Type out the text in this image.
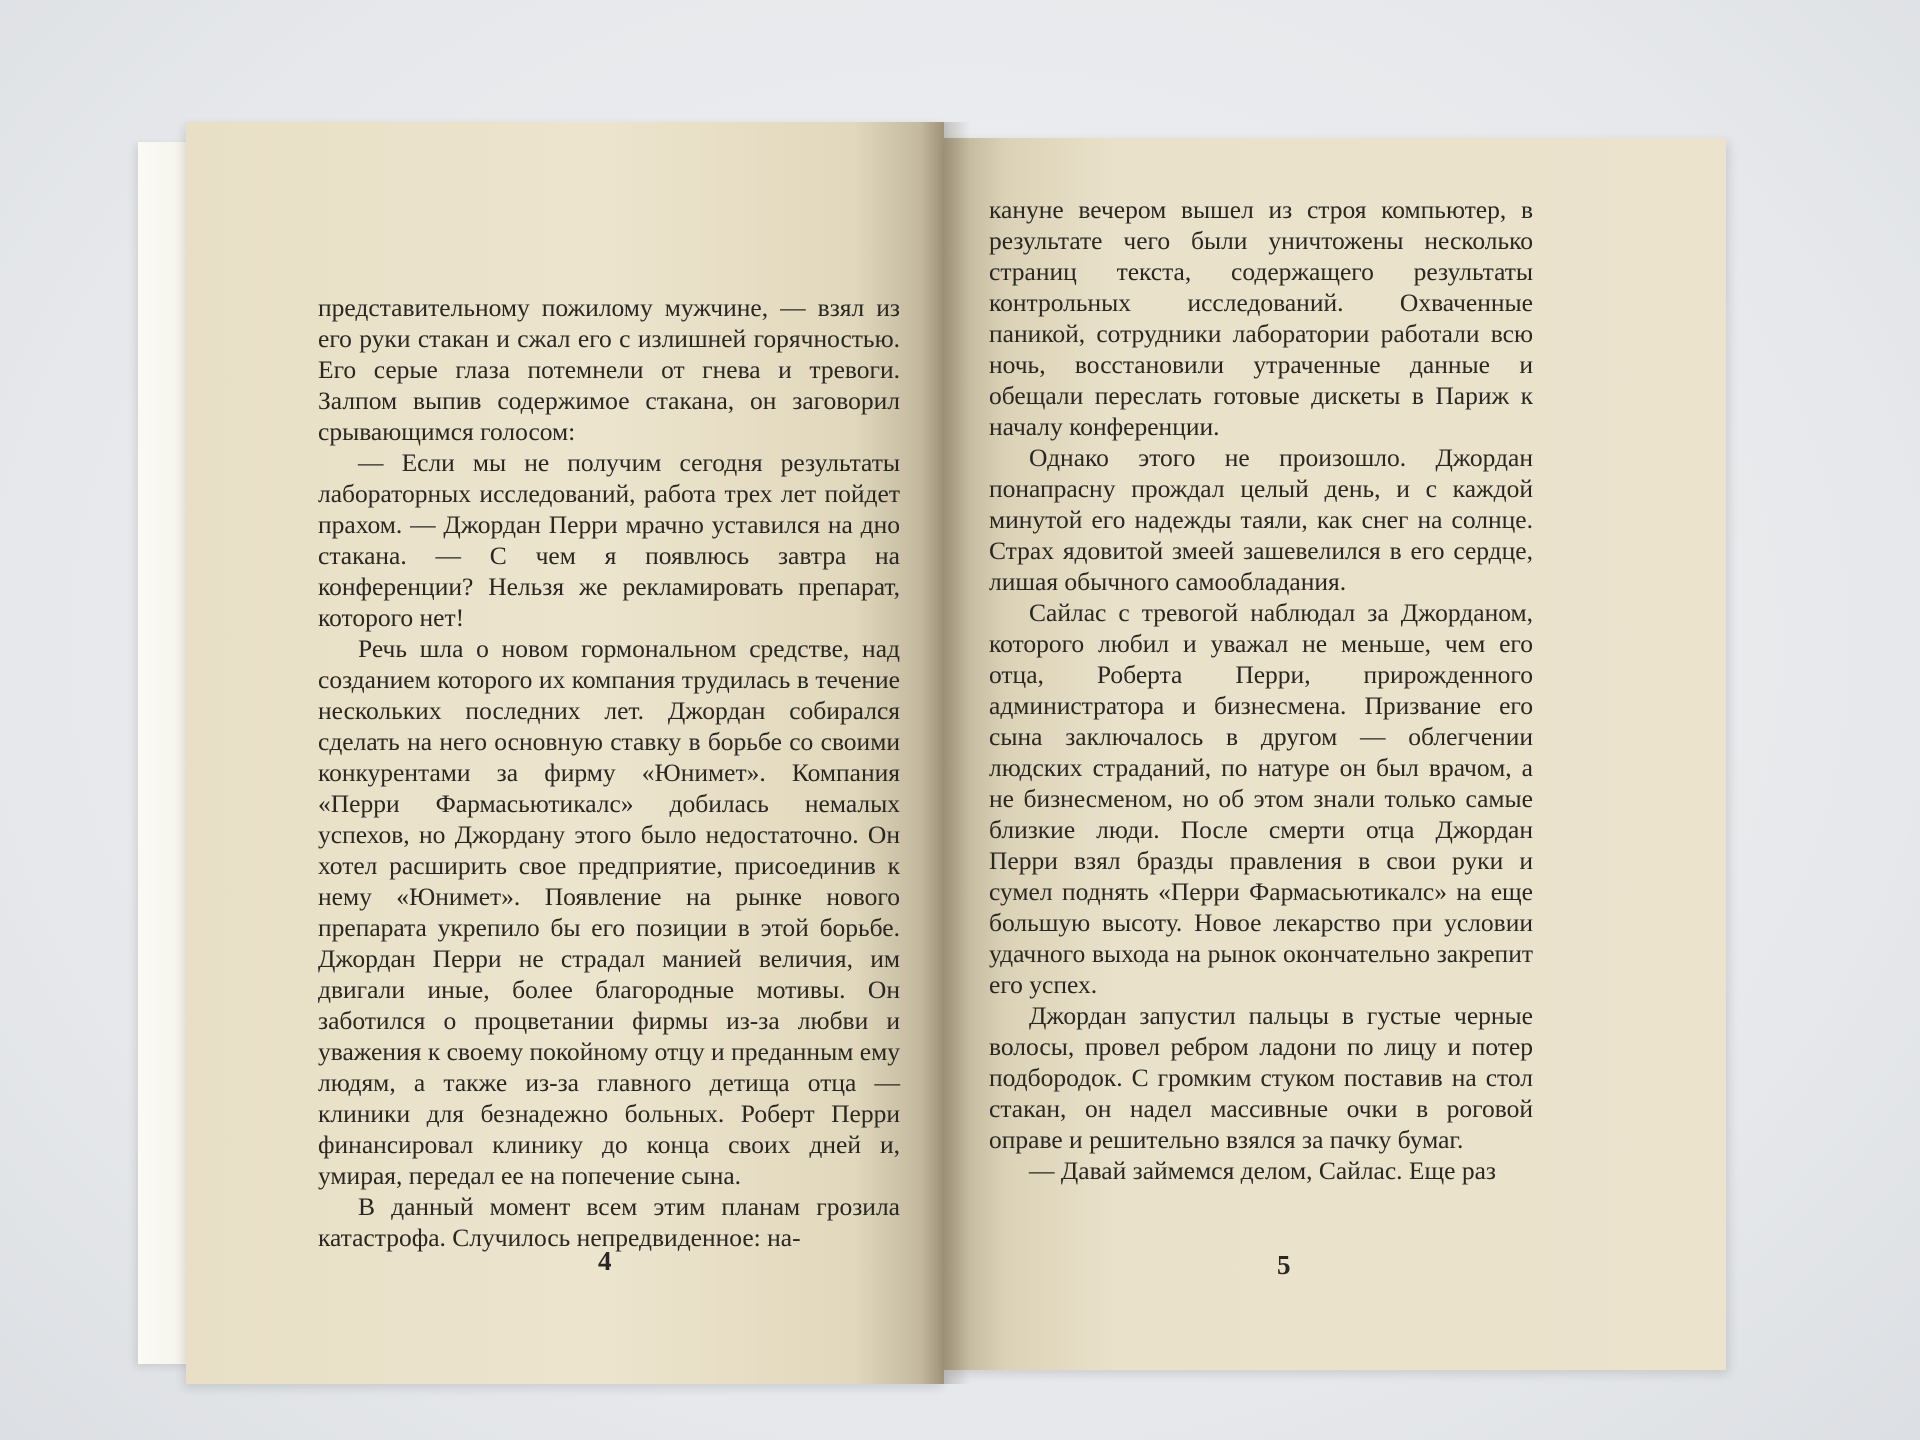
представительному пожилому мужчине, — взял из его руки стакан и сжал его с излишней горячностью. Его серые глаза потемнели от гнева и тревоги. Залпом выпив содержимое стакана, он заговорил срывающимся голосом:

— Если мы не получим сегодня результаты лабораторных исследований, работа трех лет пойдет прахом. — Джордан Перри мрачно уставился на дно стакана. — С чем я появлюсь завтра на конференции? Нельзя же рекламировать препарат, которого нет!

Речь шла о новом гормональном средстве, над созданием которого их компания трудилась в течение нескольких последних лет. Джордан собирался сделать на него основную ставку в борьбе со своими конкурентами за фирму «Юнимет». Компания «Перри Фармасьютикалс» добилась немалых успехов, но Джордану этого было недостаточно. Он хотел расширить свое предприятие, присоединив к нему «Юнимет». Появление на рынке нового препарата укрепило бы его позиции в этой борьбе. Джордан Перри не страдал манией величия, им двигали иные, более благородные мотивы. Он заботился о процветании фирмы из-за любви и уважения к своему покойному отцу и преданным ему людям, а также из-за главного детища отца — клиники для безнадежно больных. Роберт Перри финансировал клинику до конца своих дней и, умирая, передал ее на попечение сына.

В данный момент всем этим планам грозила катастрофа. Случилось непредвиденное: на-

4

кануне вечером вышел из строя компьютер, в результате чего были уничтожены несколько страниц текста, содержащего результаты контрольных исследований. Охваченные паникой, сотрудники лаборатории работали всю ночь, восстановили утраченные данные и обещали переслать готовые дискеты в Париж к началу конференции.

Однако этого не произошло. Джордан понапрасну прождал целый день, и с каждой минутой его надежды таяли, как снег на солнце. Страх ядовитой змеей зашевелился в его сердце, лишая обычного самообладания.

Сайлас с тревогой наблюдал за Джорданом, которого любил и уважал не меньше, чем его отца, Роберта Перри, прирожденного администратора и бизнесмена. Призвание его сына заключалось в другом — облегчении людских страданий, по натуре он был врачом, а не бизнесменом, но об этом знали только самые близкие люди. После смерти отца Джордан Перри взял бразды правления в свои руки и сумел поднять «Перри Фармасьютикалс» на еще большую высоту. Новое лекарство при условии удачного выхода на рынок окончательно закрепит его успех.

Джордан запустил пальцы в густые черные волосы, провел ребром ладони по лицу и потер подбородок. С громким стуком поставив на стол стакан, он надел массивные очки в роговой оправе и решительно взялся за пачку бумаг.

— Давай займемся делом, Сайлас. Еще раз

5
